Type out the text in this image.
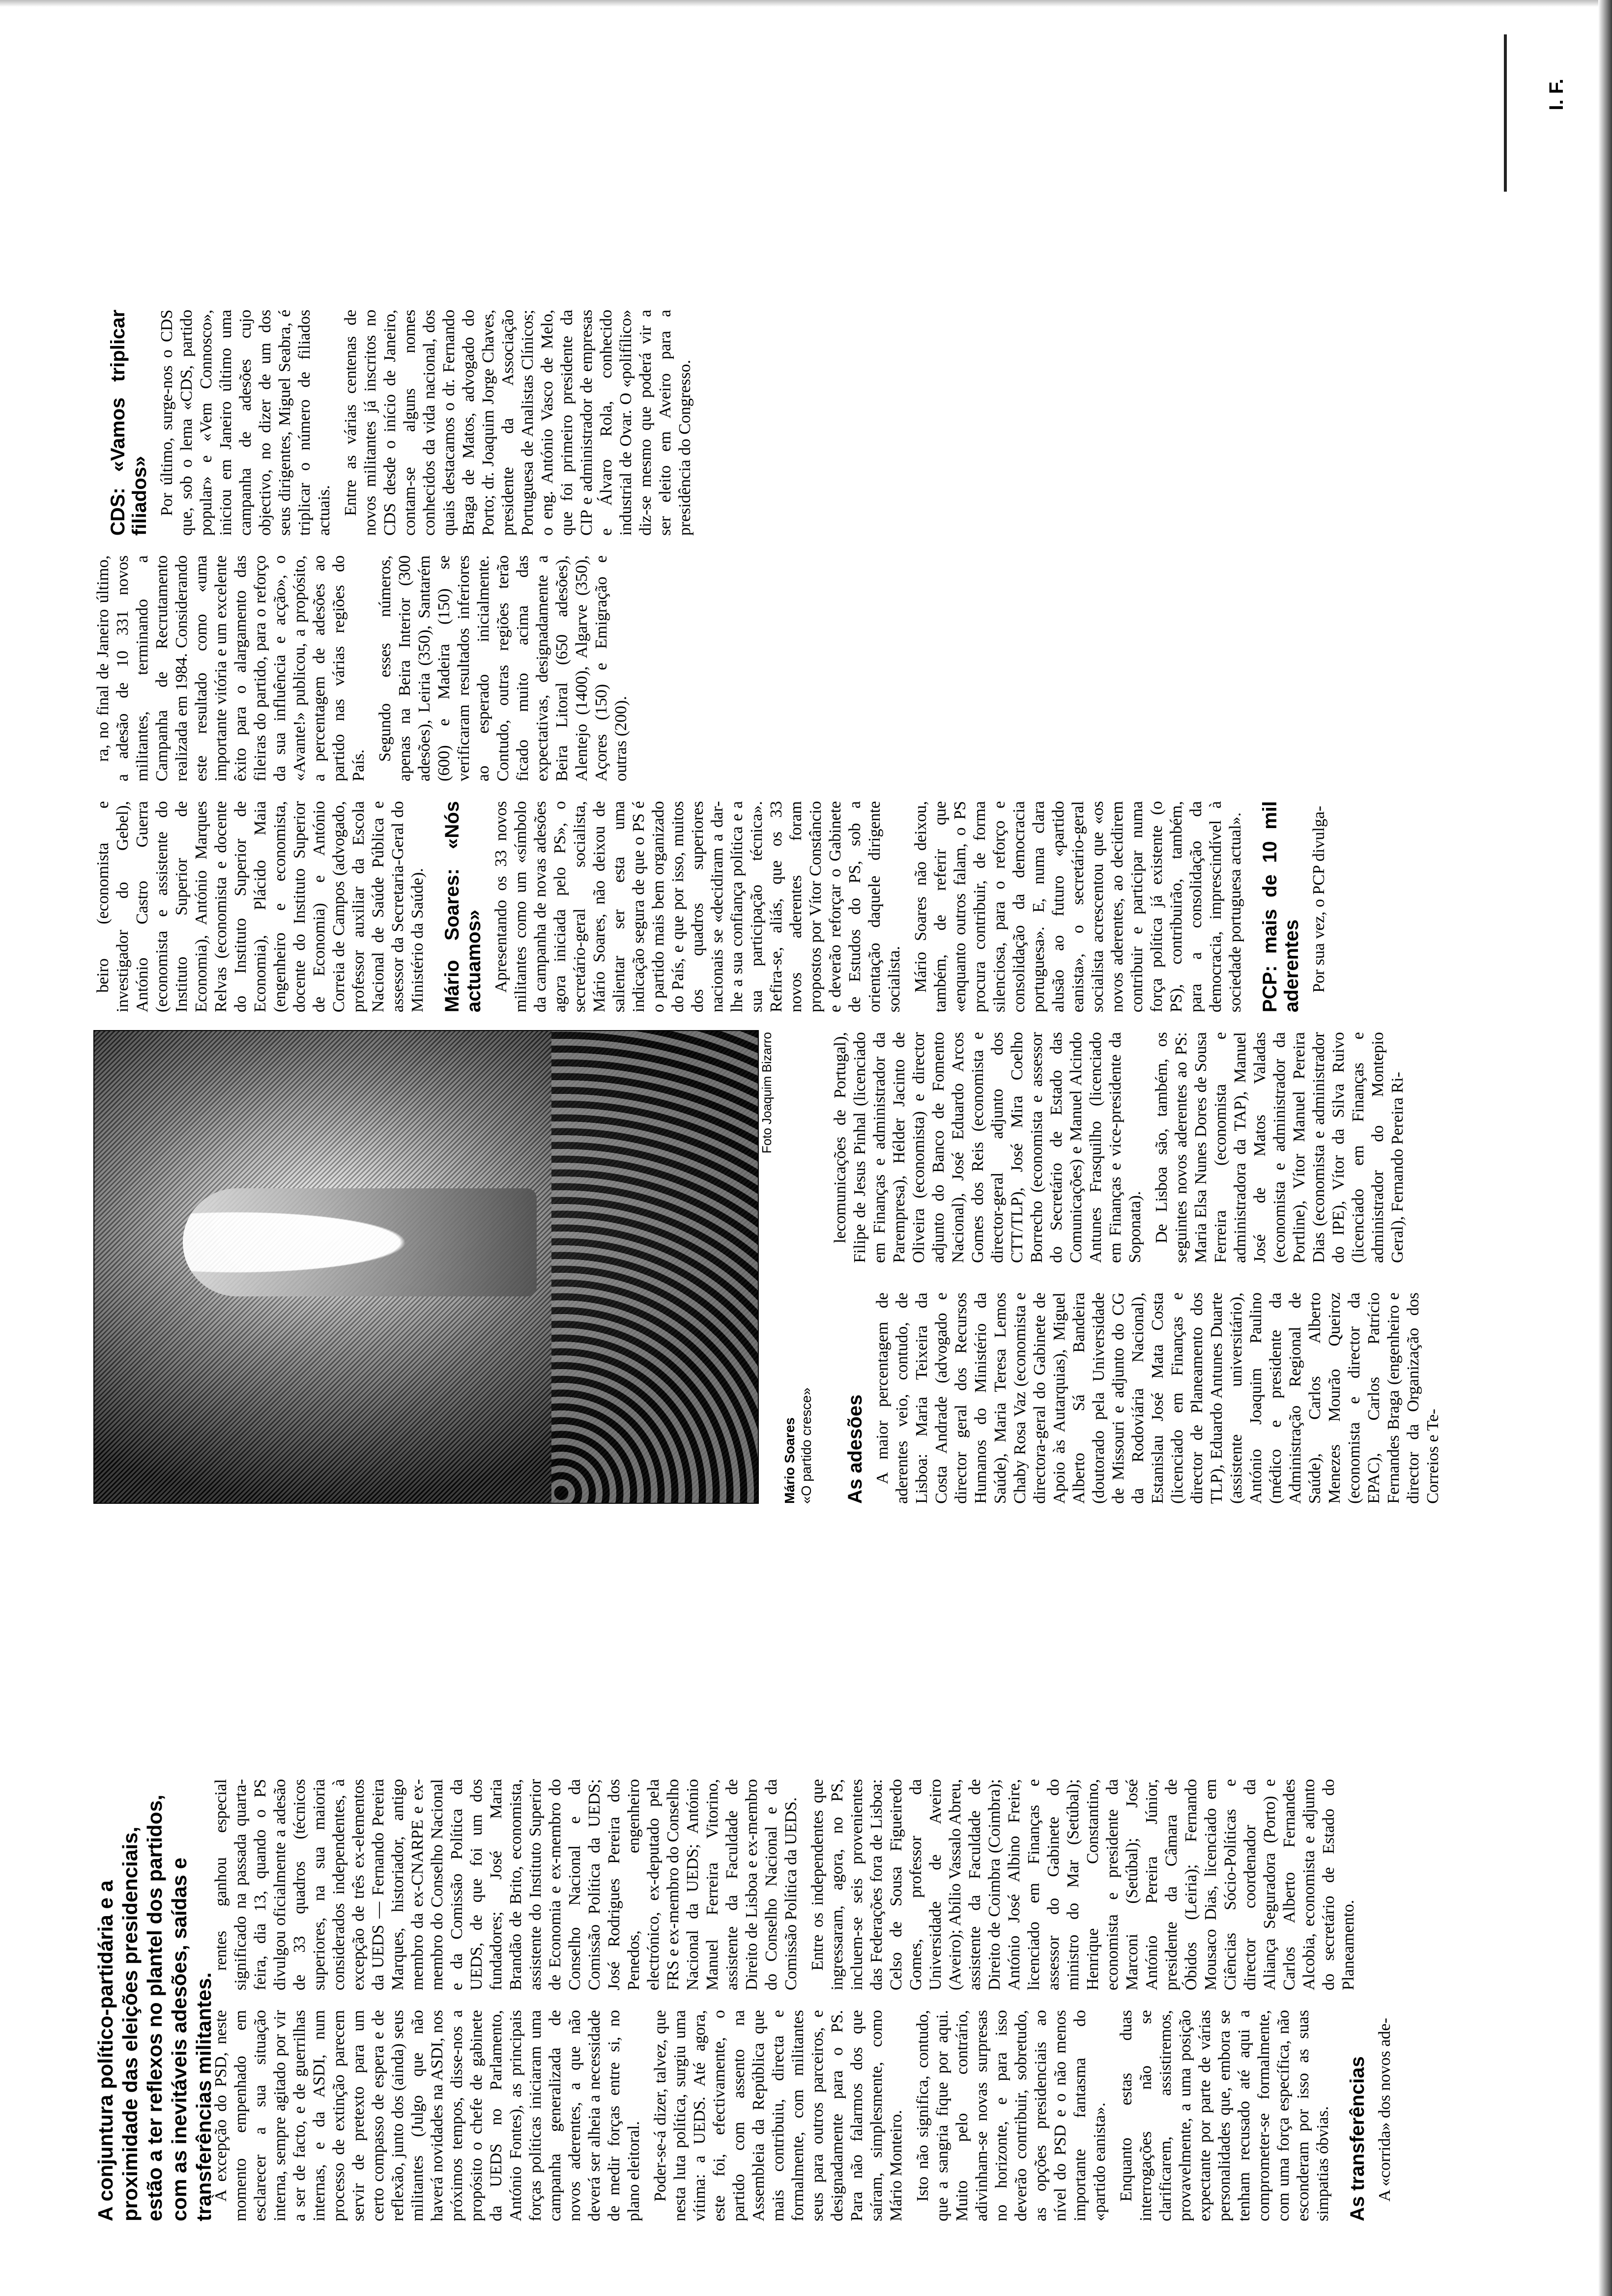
A conjuntura político-partidária e a proximidade das eleições presidenciais, estão a ter reflexos no plantel dos partidos, com as inevitáveis adesões, saídas e transferências militantes.

À excepção do PSD, neste momento empenhado em esclarecer a sua situação interna, sempre agitado por vir a ser de facto, e de guerrilhas internas, e da ASDI, num processo de extinção parecem servir de pretexto para um certo compasso de espera e de reflexão, junto dos (ainda) seus militantes (Julgo que não haverá novidades na ASDI, nos próximos tempos, disse-nos a propósito o chefe de gabinete da UEDS no Parlamento, António Fontes), as principais forças políticas iniciaram uma campanha generalizada de novos aderentes, a que não deverá ser alheia a necessidade de medir forças entre si, no plano eleitoral. Poder-se-á dizer, talvez, que nesta luta política, surgiu uma vítima: a UEDS. Até agora, este foi, efectivamente, o partido com assento na Assembleia da República que mais contribuiu, directa e formalmente, com militantes seus para outros parceiros, e designadamente para o PS. Para não falarmos dos que saíram, simplesmente, como Mário Monteiro. Isto não significa, contudo, que a sangria fique por aqui. Muito pelo contrário, adivinham-se novas surpresas no horizonte, e para isso deverão contribuir, sobretudo, as opções presidenciais ao nível do PSD e o não menos importante fantasma do «partido eanista». Enquanto estas duas interrogações não se clarificarem, assistiremos, provavelmente, a uma posição expectante por parte de várias personalidades que, embora se tenham recusado até aqui a comprometer-se formalmente, com uma força específica, não esconderam por isso as suas simpatias óbvias. As transferências A «corrida» dos novos ade-

rentes ganhou especial significado na passada quarta-feira, dia 13, quando o PS divulgou oficialmente a adesão de 33 quadros (técnicos superiores, na sua maioria considerados independentes, à excepção de três ex-elementos da UEDS — Fernando Pereira Marques, historiador, antigo membro da ex-CNARPE e ex-membro do Conselho Nacional e da Comissão Política da UEDS, de que foi um dos fundadores; José Maria Brandão de Brito, economista, assistente do Instituto Superior de Economia e ex-membro do Conselho Nacional e da Comissão Política da UEDS; José Rodrigues Pereira dos Penedos, engenheiro electrónico, ex-deputado pela FRS e ex-membro do Conselho Nacional da UEDS; António Manuel Ferreira Vitorino, assistente da Faculdade de Direito de Lisboa e ex-membro do Conselho Nacional e da Comissão Política da UEDS. Entre os independentes que ingressaram, agora, no PS, incluem-se seis provenientes das Federações fora de Lisboa: Celso de Sousa Figueiredo Gomes, professor da Universidade de Aveiro (Aveiro); Abílio Vassalo Abreu, assistente da Faculdade de Direito de Coimbra (Coimbra); António José Albino Freire, licenciado em Finanças e assessor do Gabinete do ministro do Mar (Setúbal); Henrique Constantino, economista e presidente da Marconi (Setúbal); José António Pereira Júnior, presidente da Câmara de Óbidos (Leiria); Fernando Mousaco Dias, licenciado em Ciências Sócio-Políticas e director coordenador da Aliança Seguradora (Porto) e Carlos Alberto Fernandes Alcobia, economista e adjunto do secretário de Estado do Planeamento.

Foto Joaquim Bizarro
Mário Soares «O partido cresce» As adesões A maior percentagem de aderentes veio, contudo, de Lisboa: Maria Teixeira da Costa Andrade (advogado e director geral dos Recursos Humanos do Ministério da Saúde), Maria Teresa Lemos Chaby Rosa Vaz (economista e directora-geral do Gabinete de Apoio às Autarquias), Miguel Alberto Sá Bandeira (doutorado pela Universidade de Missouri e adjunto do CG da Rodoviária Nacional), Estanislau José Mata Costa (licenciado em Finanças e director de Planeamento dos TLP), Eduardo Antunes Duarte (assistente universitário), António Joaquim Paulino (médico e presidente da Administração Regional de Saúde), Carlos Alberto Menezes Mourão Queiroz (economista e director da EPAC), Carlos Patrício Fernandes Braga (engenheiro e director da Organização dos Correios e Te-

lecomunicações de Portugal), Filipe de Jesus Pinhal (licenciado em Finanças e administrador da Parempresa), Hélder Jacinto de Oliveira (economista) e director adjunto do Banco de Fomento Nacional), José Eduardo Arcos Gomes dos Reis (economista e director-geral adjunto dos CTT/TLP), José Mira Coelho Borrecho (economista e assessor do Secretário de Estado das Comunicações) e Manuel Alcindo Antunes Frasquilho (licenciado em Finanças e vice-presidente da Soponata). De Lisboa são, também, os seguintes novos aderentes ao PS: Maria Elsa Nunes Dores de Sousa Ferreira (economista e administradora da TAP), Manuel José de Matos Valadas (economista e administrador da Portline), Vítor Manuel Pereira Dias (economista e administrador do IPE), Vítor da Silva Ruivo (licenciado em Finanças e administrador do Montepio Geral), Fernando Pereira Ri-

beiro (economista e investigador do Gebel), António Castro Guerra (economista e assistente do Instituto Superior de Economia), António Marques Relvas (economista e docente do Instituto Superior de Economia), Plácido Maia (engenheiro e economista, docente do Instituto Superior de Economia) e António Correia de Campos (advogado, professor auxiliar da Escola Nacional de Saúde Pública e assessor da Secretaria-Geral do Ministério da Saúde). Mário Soares: «Nós actuamos» Apresentando os 33 novos militantes como um «símbolo da campanha de novas adesões agora iniciada pelo PS», o secretário-geral socialista, Mário Soares, não deixou de salientar ser esta uma indicação segura de que o PS é o partido mais bem organizado do País, e que por isso, muitos dos quadros superiores nacionais se «decidiram a dar-lhe a sua confiança política e a sua participação técnica». Refira-se, aliás, que os 33 novos aderentes foram propostos por Vítor Constâncio e deverão reforçar o Gabinete de Estudos do PS, sob a orientação daquele dirigente socialista. Mário Soares não deixou, também, de referir que «enquanto outros falam, o PS procura contribuir, de forma silenciosa, para o reforço e consolidação da democracia portuguesa». E, numa clara alusão ao futuro «partido eanista», o secretário-geral socialista acrescentou que «os novos aderentes, ao decidirem contribuir e participar numa força política já existente (o PS), contribuirão, também, para a consolidação da democracia, imprescindível à sociedade portuguesa actual». PCP: mais de 10 mil aderentes Por sua vez, o PCP divulga-

ra, no final de Janeiro último, a adesão de 10 331 novos militantes, terminando a Campanha de Recrutamento realizada em 1984. Considerando este resultado como «uma importante vitória e um excelente êxito para o alargamento das fileiras do partido, para o reforço da sua influência e acção», o «Avante!» publicou, a propósito, a percentagem de adesões ao partido nas várias regiões do País.

Segundo esses números, apenas na Beira Interior (300 adesões), Leiria (350), Santarém (600) e Madeira (150) se verificaram resultados inferiores ao esperado inicialmente. Contudo, outras regiões terão ficado muito acima das expectativas, designadamente a Beira Litoral (650 adesões), Alentejo (1400), Algarve (350), Açores (150) e Emigração e outras (200).

CDS: «Vamos triplicar filiados» Por último, surge-nos o CDS que, sob o lema «CDS, partido popular» e «Vem Connosco», iniciou em Janeiro último uma campanha de adesões cujo objectivo, no dizer de um dos seus dirigentes, Miguel Seabra, é triplicar o número de filiados actuais. Entre as várias centenas de novos militantes já inscritos no CDS desde o início de Janeiro, contam-se alguns nomes conhecidos da vida nacional, dos quais destacamos o dr. Fernando Braga de Matos, advogado do Porto; dr. Joaquim Jorge Chaves, presidente da Associação Portuguesa de Analistas Clínicos; o eng. António Vasco de Melo, que foi primeiro presidente da CIP e administrador de empresas e Álvaro Rola, conhecido industrial de Ovar. O «polifílico» diz-se mesmo que poderá vir a ser eleito em Aveiro para a presidência do Congresso.

I. F.
